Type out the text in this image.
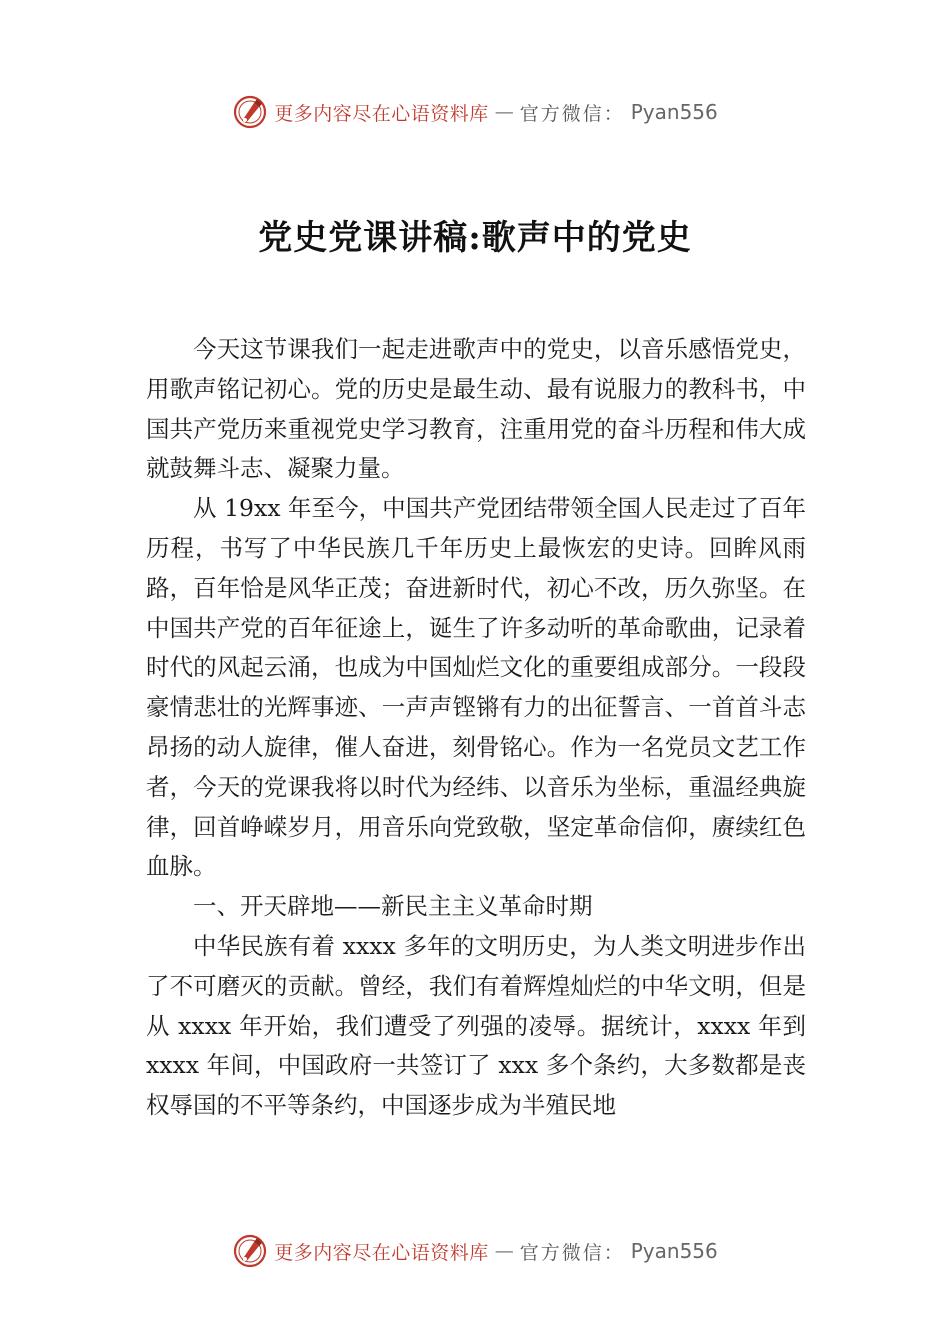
更多内容尽在心语资料库 — 官方微信： Pyan556
党史党课讲稿:歌声中的党史

今天这节课我们一起走进歌声中的党史，以音乐感悟党史，用歌声铭记初心。党的历史是最生动、最有说服力的教科书，中国共产党历来重视党史学习教育，注重用党的奋斗历程和伟大成就鼓舞斗志、凝聚力量。

从 19xx 年至今，中国共产党团结带领全国人民走过了百年历程，书写了中华民族几千年历史上最恢宏的史诗。回眸风雨路，百年恰是风华正茂；奋进新时代，初心不改，历久弥坚。在中国共产党的百年征途上，诞生了许多动听的革命歌曲，记录着时代的风起云涌，也成为中国灿烂文化的重要组成部分。一段段豪情悲壮的光辉事迹、一声声铿锵有力的出征誓言、一首首斗志昂扬的动人旋律，催人奋进，刻骨铭心。作为一名党员文艺工作者，今天的党课我将以时代为经纬、以音乐为坐标，重温经典旋律，回首峥嵘岁月，用音乐向党致敬，坚定革命信仰，赓续红色血脉。

一、开天辟地——新民主主义革命时期

中华民族有着 xxxx 多年的文明历史，为人类文明进步作出了不可磨灭的贡献。曾经，我们有着辉煌灿烂的中华文明，但是从 xxxx 年开始，我们遭受了列强的凌辱。据统计，xxxx 年到 xxxx 年间，中国政府一共签订了 xxx 多个条约，大多数都是丧权辱国的不平等条约，中国逐步成为半殖民地

更多内容尽在心语资料库 — 官方微信： Pyan556
